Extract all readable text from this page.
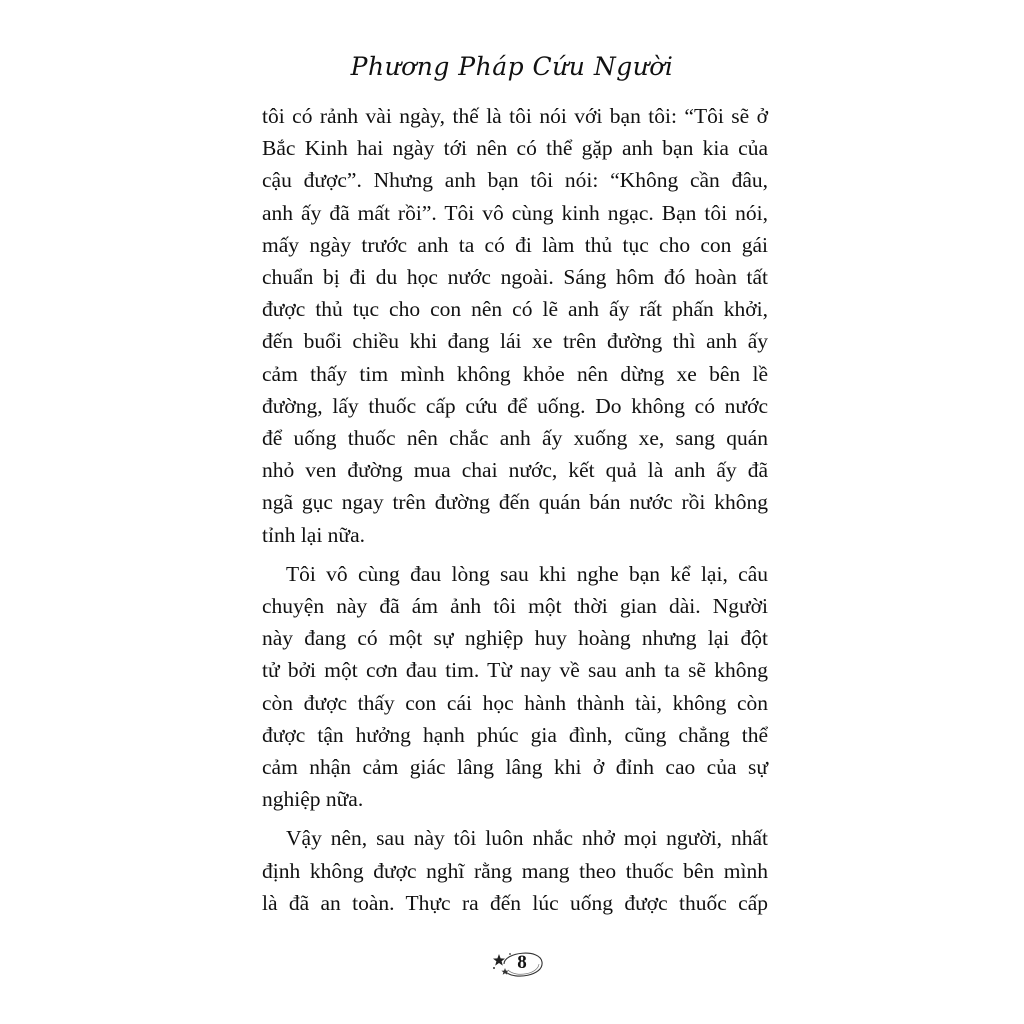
Phương Pháp Cứu Người
tôi có rảnh vài ngày, thế là tôi nói với bạn tôi: “Tôi sẽ ở
Bắc Kinh hai ngày tới nên có thể gặp anh bạn kia của
cậu được”. Nhưng anh bạn tôi nói: “Không cần đâu,
anh ấy đã mất rồi”. Tôi vô cùng kinh ngạc. Bạn tôi nói,
mấy ngày trước anh ta có đi làm thủ tục cho con gái
chuẩn bị đi du học nước ngoài. Sáng hôm đó hoàn tất
được thủ tục cho con nên có lẽ anh ấy rất phấn khởi,
đến buổi chiều khi đang lái xe trên đường thì anh ấy
cảm thấy tim mình không khỏe nên dừng xe bên lề
đường, lấy thuốc cấp cứu để uống. Do không có nước
để uống thuốc nên chắc anh ấy xuống xe, sang quán
nhỏ ven đường mua chai nước, kết quả là anh ấy đã
ngã gục ngay trên đường đến quán bán nước rồi không
tỉnh lại nữa.
Tôi vô cùng đau lòng sau khi nghe bạn kể lại, câu
chuyện này đã ám ảnh tôi một thời gian dài. Người
này đang có một sự nghiệp huy hoàng nhưng lại đột
tử bởi một cơn đau tim. Từ nay về sau anh ta sẽ không
còn được thấy con cái học hành thành tài, không còn
được tận hưởng hạnh phúc gia đình, cũng chẳng thể
cảm nhận cảm giác lâng lâng khi ở đỉnh cao của sự
nghiệp nữa.
Vậy nên, sau này tôi luôn nhắc nhở mọi người, nhất
định không được nghĩ rằng mang theo thuốc bên mình
là đã an toàn. Thực ra đến lúc uống được thuốc cấp
8
